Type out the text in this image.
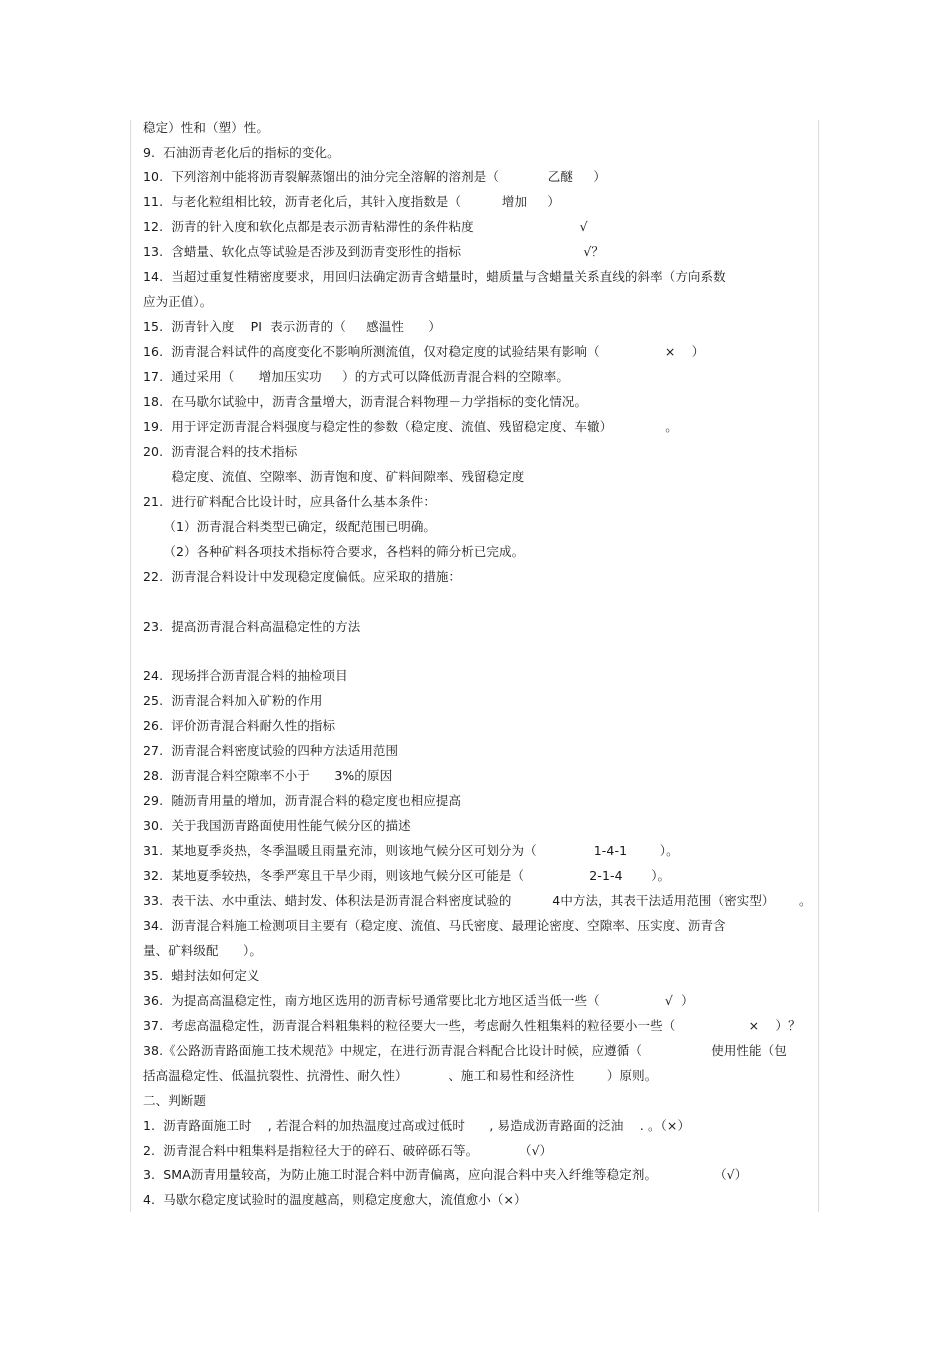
稳定）性和（塑）性。
9.  石油沥青老化后的指标的变化。
10.  下列溶剂中能将沥青裂解蒸馏出的油分完全溶解的溶剂是（            乙醚     ）
11.  与老化粒组相比较，沥青老化后，其针入度指数是（          增加     ）
12.  沥青的针入度和软化点都是表示沥青粘滞性的条件粘度                          √
13.  含蜡量、软化点等试验是否涉及到沥青变形性的指标                              √？
14.  当超过重复性精密度要求，用回归法确定沥青含蜡量时，蜡质量与含蜡量关系直线的斜率（方向系数
应为正值）。
15.  沥青针入度    PI  表示沥青的（     感温性      ）
16.  沥青混合料试件的高度变化不影响所测流值，仅对稳定度的试验结果有影响（                ×    ）
17.  通过采用（      增加压实功     ）的方式可以降低沥青混合料的空隙率。
18.  在马歇尔试验中，沥青含量增大，沥青混合料物理－力学指标的变化情况。
19.  用于评定沥青混合料强度与稳定性的参数（稳定度、流值、残留稳定度、车辙）             。
20.  沥青混合料的技术指标
稳定度、流值、空隙率、沥青饱和度、矿料间隙率、残留稳定度
21.  进行矿料配合比设计时，应具备什么基本条件：
（1）沥青混合料类型已确定，级配范围已明确。
（2）各种矿料各项技术指标符合要求，各档料的筛分析已完成。
22.  沥青混合料设计中发现稳定度偏低。应采取的措施：
23.  提高沥青混合料高温稳定性的方法
24.  现场拌合沥青混合料的抽检项目
25.  沥青混合料加入矿粉的作用
26.  评价沥青混合料耐久性的指标
27.  沥青混合料密度试验的四种方法适用范围
28.  沥青混合料空隙率不小于      3%的原因
29.  随沥青用量的增加，沥青混合料的稳定度也相应提高
30.  关于我国沥青路面使用性能气候分区的描述
31.  某地夏季炎热，冬季温暖且雨量充沛，则该地气候分区可划分为（              1-4-1        ）。
32.  某地夏季较热，冬季严寒且干旱少雨，则该地气候分区可能是（                2-1-4       ）。
33.  表干法、水中重法、蜡封发、体积法是沥青混合料密度试验的          4中方法，其表干法适用范围（密实型）      。
34.  沥青混合料施工检测项目主要有（稳定度、流值、马氏密度、最理论密度、空隙率、压实度、沥青含
量、矿料级配      ）。
35.  蜡封法如何定义
36.  为提高高温稳定性，南方地区选用的沥青标号通常要比北方地区适当低一些（                √  ）
37.  考虑高温稳定性，沥青混合料粗集料的粒径要大一些，考虑耐久性粗集料的粒径要小一些（                  ×    ）？
38.《公路沥青路面施工技术规范》中规定，在进行沥青混合料配合比设计时候，应遵循（                 使用性能（包
括高温稳定性、低温抗裂性、抗滑性、耐久性）          、施工和易性和经济性        ）原则。
二、判断题
1.  沥青路面施工时    , 若混合料的加热温度过高或过低时      , 易造成沥青路面的泛油    . 。（×）
2.  沥青混合料中粗集料是指粒径大于的碎石、破碎砾石等。          （√）
3.  SMA沥青用量较高，为防止施工时混合料中沥青偏离，应向混合料中夹入纤维等稳定剂。              （√）
4.  马歇尔稳定度试验时的温度越高，则稳定度愈大，流值愈小（×）
